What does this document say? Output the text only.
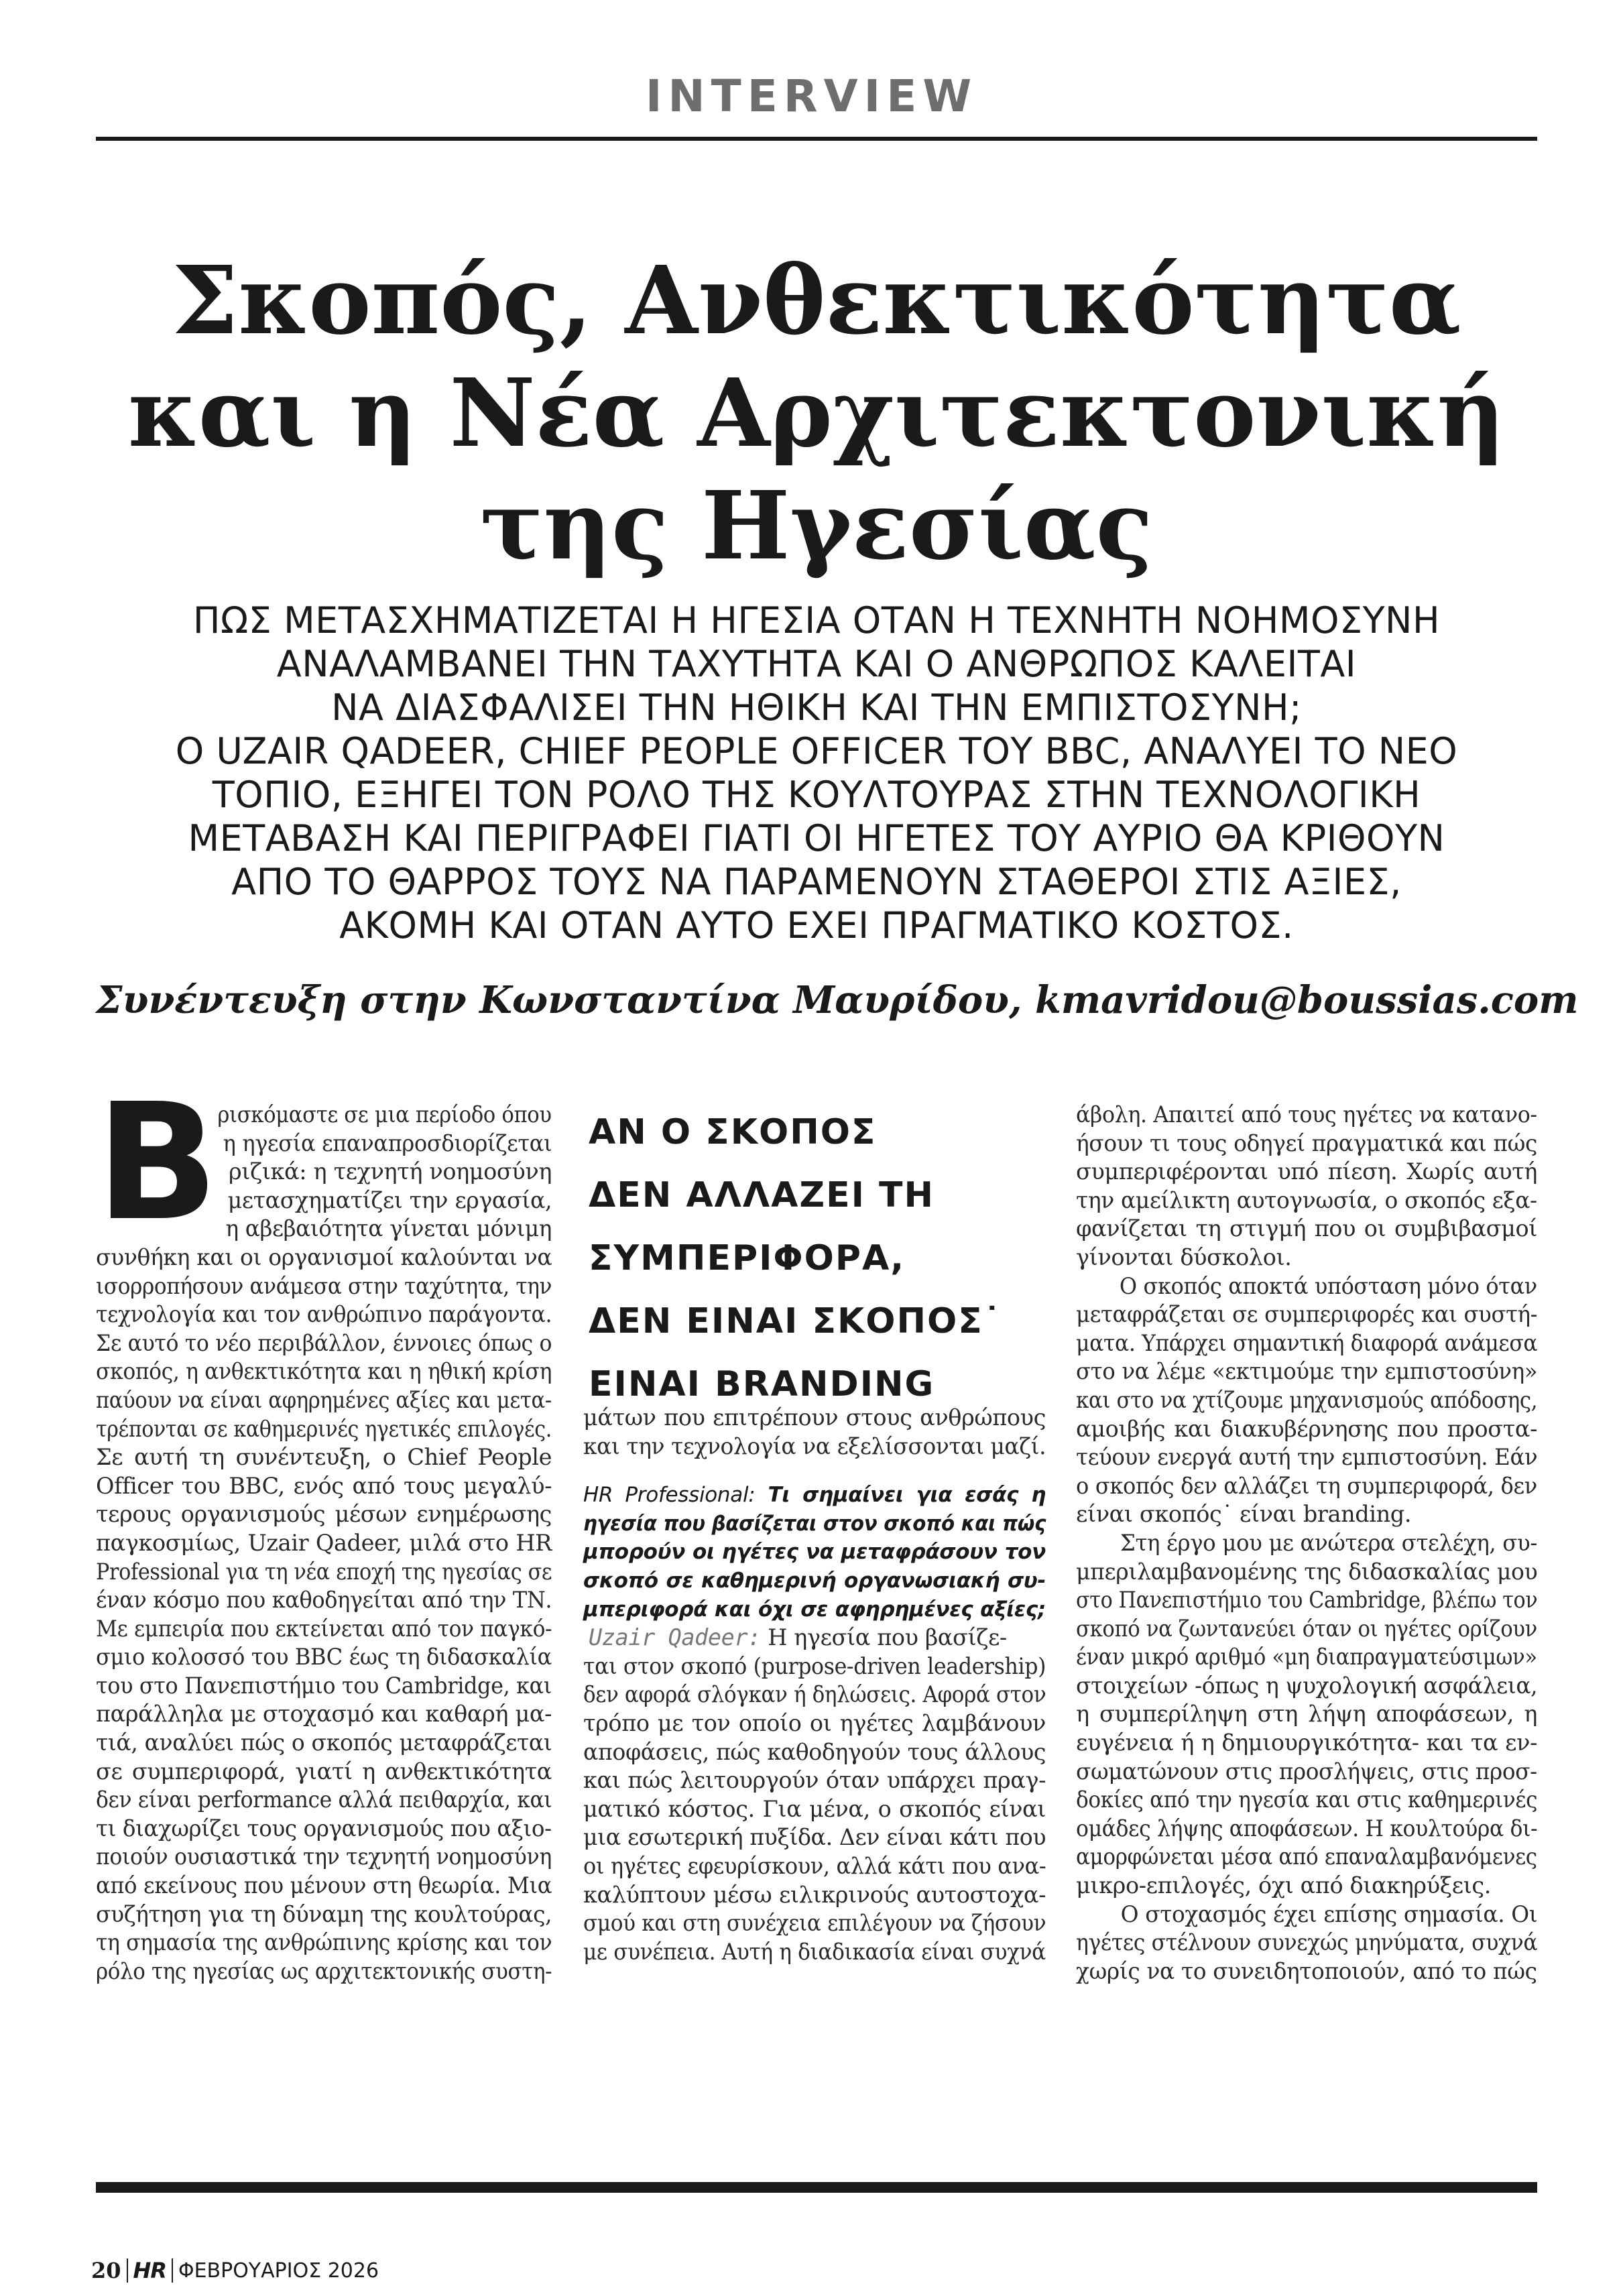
INTERVIEW
Σκοπός, Ανθεκτικότητα
και η Νέα Αρχιτεκτονική
της Ηγεσίας
ΠΩΣ ΜΕΤΑΣΧΗΜΑΤΙΖΕΤΑΙ Η ΗΓΕΣΙΑ ΟΤΑΝ Η ΤΕΧΝΗΤΗ ΝΟΗΜΟΣΥΝΗ
ΑΝΑΛΑΜΒΑΝΕΙ ΤΗΝ ΤΑΧΥΤΗΤΑ ΚΑΙ Ο ΑΝΘΡΩΠΟΣ ΚΑΛΕΙΤΑΙ
ΝΑ ΔΙΑΣΦΑΛΙΣΕΙ ΤΗΝ ΗΘΙΚΗ ΚΑΙ ΤΗΝ ΕΜΠΙΣΤΟΣΥΝΗ;
Ο UZAIR QADEER, CHIEF PEOPLE OFFICER ΤΟΥ BBC, ΑΝΑΛΥΕΙ ΤΟ ΝΕΟ
ΤΟΠΙΟ, ΕΞΗΓΕΙ ΤΟΝ ΡΟΛΟ ΤΗΣ ΚΟΥΛΤΟΥΡΑΣ ΣΤΗΝ ΤΕΧΝΟΛΟΓΙΚΗ
ΜΕΤΑΒΑΣΗ ΚΑΙ ΠΕΡΙΓΡΑΦΕΙ ΓΙΑΤΙ ΟΙ ΗΓΕΤΕΣ ΤΟΥ ΑΥΡΙΟ ΘΑ ΚΡΙΘΟΥΝ
ΑΠΟ ΤΟ ΘΑΡΡΟΣ ΤΟΥΣ ΝΑ ΠΑΡΑΜΕΝΟΥΝ ΣΤΑΘΕΡΟΙ ΣΤΙΣ ΑΞΙΕΣ,
ΑΚΟΜΗ ΚΑΙ ΟΤΑΝ ΑΥΤΟ ΕΧΕΙ ΠΡΑΓΜΑΤΙΚΟ ΚΟΣΤΟΣ.
Συνέντευξη στην Κωνσταντίνα Μαυρίδου, kmavridou@boussias.com
Β
ρισκόμαστε σε μια περίοδο όπου
η ηγεσία επαναπροσδιορίζεται
ριζικά: η τεχνητή νοημοσύνη
μετασχηματίζει την εργασία,
η αβεβαιότητα γίνεται μόνιμη
συνθήκη και οι οργανισμοί καλούνται να
ισορροπήσουν ανάμεσα στην ταχύτητα, την
τεχνολογία και τον ανθρώπινο παράγοντα.
Σε αυτό το νέο περιβάλλον, έννοιες όπως ο
σκοπός, η ανθεκτικότητα και η ηθική κρίση
παύουν να είναι αφηρημένες αξίες και μετα-
τρέπονται σε καθημερινές ηγετικές επιλογές.
Σε αυτή τη συνέντευξη, ο Chief People
Officer του BBC, ενός από τους μεγαλύ-
τερους οργανισμούς μέσων ενημέρωσης
παγκοσμίως, Uzair Qadeer, μιλά στο HR
Professional για τη νέα εποχή της ηγεσίας σε
έναν κόσμο που καθοδηγείται από την ΤΝ.
Με εμπειρία που εκτείνεται από τον παγκό-
σμιο κολοσσό του BBC έως τη διδασκαλία
του στο Πανεπιστήμιο του Cambridge, και
παράλληλα με στοχασμό και καθαρή μα-
τιά, αναλύει πώς ο σκοπός μεταφράζεται
σε συμπεριφορά, γιατί η ανθεκτικότητα
δεν είναι performance αλλά πειθαρχία, και
τι διαχωρίζει τους οργανισμούς που αξιο-
ποιούν ουσιαστικά την τεχνητή νοημοσύνη
από εκείνους που μένουν στη θεωρία. Μια
συζήτηση για τη δύναμη της κουλτούρας,
τη σημασία της ανθρώπινης κρίσης και τον
ρόλο της ηγεσίας ως αρχιτεκτονικής συστη-
ΑΝ Ο ΣΚΟΠΟΣ
ΔΕΝ ΑΛΛΑΖΕΙ ΤΗ
ΣΥΜΠΕΡΙΦΟΡΑ,
ΔΕΝ ΕΙΝΑΙ ΣΚΟΠΟΣ˙
ΕΙΝΑΙ BRANDING
μάτων που επιτρέπουν στους ανθρώπους
και την τεχνολογία να εξελίσσονται μαζί.
HR Professional: Τι σημαίνει για εσάς η
ηγεσία που βασίζεται στον σκοπό και πώς
μπορούν οι ηγέτες να μεταφράσουν τον
σκοπό σε καθημερινή οργανωσιακή συ-
μπεριφορά και όχι σε αφηρημένες αξίες;
Uzair Qadeer: Η ηγεσία που βασίζε-
ται στον σκοπό (purpose-driven leadership)
δεν αφορά σλόγκαν ή δηλώσεις. Αφορά στον
τρόπο με τον οποίο οι ηγέτες λαμβάνουν
αποφάσεις, πώς καθοδηγούν τους άλλους
και πώς λειτουργούν όταν υπάρχει πραγ-
ματικό κόστος. Για μένα, ο σκοπός είναι
μια εσωτερική πυξίδα. Δεν είναι κάτι που
οι ηγέτες εφευρίσκουν, αλλά κάτι που ανα-
καλύπτουν μέσω ειλικρινούς αυτοστοχα-
σμού και στη συνέχεια επιλέγουν να ζήσουν
με συνέπεια. Αυτή η διαδικασία είναι συχνά
άβολη. Απαιτεί από τους ηγέτες να κατανο-
ήσουν τι τους οδηγεί πραγματικά και πώς
συμπεριφέρονται υπό πίεση. Χωρίς αυτή
την αμείλικτη αυτογνωσία, ο σκοπός εξα-
φανίζεται τη στιγμή που οι συμβιβασμοί
γίνονται δύσκολοι.
Ο σκοπός αποκτά υπόσταση μόνο όταν
μεταφράζεται σε συμπεριφορές και συστή-
ματα. Υπάρχει σημαντική διαφορά ανάμεσα
στο να λέμε «εκτιμούμε την εμπιστοσύνη»
και στο να χτίζουμε μηχανισμούς απόδοσης,
αμοιβής και διακυβέρνησης που προστα-
τεύουν ενεργά αυτή την εμπιστοσύνη. Εάν
ο σκοπός δεν αλλάζει τη συμπεριφορά, δεν
είναι σκοπός˙ είναι branding.
Στη έργο μου με ανώτερα στελέχη, συ-
μπεριλαμβανομένης της διδασκαλίας μου
στο Πανεπιστήμιο του Cambridge, βλέπω τον
σκοπό να ζωντανεύει όταν οι ηγέτες ορίζουν
έναν μικρό αριθμό «μη διαπραγματεύσιμων»
στοιχείων -όπως η ψυχολογική ασφάλεια,
η συμπερίληψη στη λήψη αποφάσεων, η
ευγένεια ή η δημιουργικότητα- και τα εν-
σωματώνουν στις προσλήψεις, στις προσ-
δοκίες από την ηγεσία και στις καθημερινές
ομάδες λήψης αποφάσεων. Η κουλτούρα δι-
αμορφώνεται μέσα από επαναλαμβανόμενες
μικρο-επιλογές, όχι από διακηρύξεις.
Ο στοχασμός έχει επίσης σημασία. Οι
ηγέτες στέλνουν συνεχώς μηνύματα, συχνά
χωρίς να το συνειδητοποιούν, από το πώς
20 HR ΦΕΒΡΟΥΑΡΙΟΣ 2026
